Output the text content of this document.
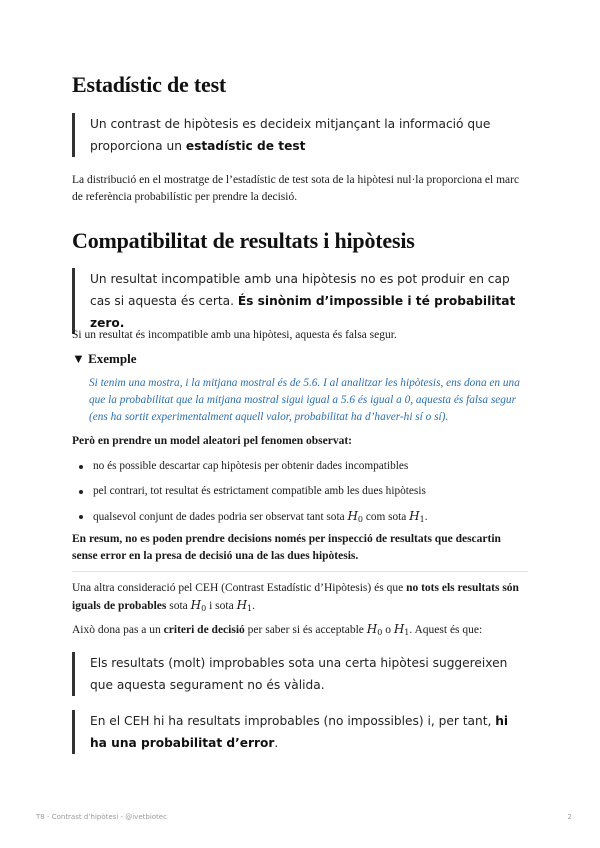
Estadístic de test
Un contrast de hipòtesis es decideix mitjançant la informació que proporciona un estadístic de test

La distribució en el mostratge de l’estadístic de test sota de la hipòtesi nul·la proporciona el marc de referència probabilístic per prendre la decisió.

Compatibilitat de resultats i hipòtesis
Un resultat incompatible amb una hipòtesis no es pot produir en cap cas si aquesta és certa. És sinònim d’impossible i té probabilitat zero.

Si un resultat és incompatible amb una hipòtesi, aquesta és falsa segur.

▼ Exemple

Si tenim una mostra, i la mitjana mostral és de 5.6. I al analitzar les hipòtesis, ens dona en una que la probabilitat que la mitjana mostral sigui igual a 5.6 és igual a 0, aquesta és falsa segur (ens ha sortit experimentalment aquell valor, probabilitat ha d’haver-hi sí o sí).

Però en prendre un model aleatori pel fenomen observat:

no és possible descartar cap hipòtesis per obtenir dades incompatibles
pel contrari, tot resultat és estrictament compatible amb les dues hipòtesis
qualsevol conjunt de dades podria ser observat tant sota $H_0$ com sota $H_1$.

En resum, no es poden prendre decisions només per inspecció de resultats que descartin sense error en la presa de decisió una de las dues hipòtesis.

Una altra consideració pel CEH (Contrast Estadístic d’Hipòtesis) és que no tots els resultats són iguals de probables sota $H_0$ i sota $H_1$.

Això dona pas a un criteri de decisió per saber si és acceptable $H_0$ o $H_1$. Aquest és que:

Els resultats (molt) improbables sota una certa hipòtesi suggereixen que aquesta segurament no és vàlida.
En el CEH hi ha resultats improbables (no impossibles) i, per tant, hi ha una probabilitat d’error.
T8 - Contrast d’hipòtesi - @ivetbiotec	2
